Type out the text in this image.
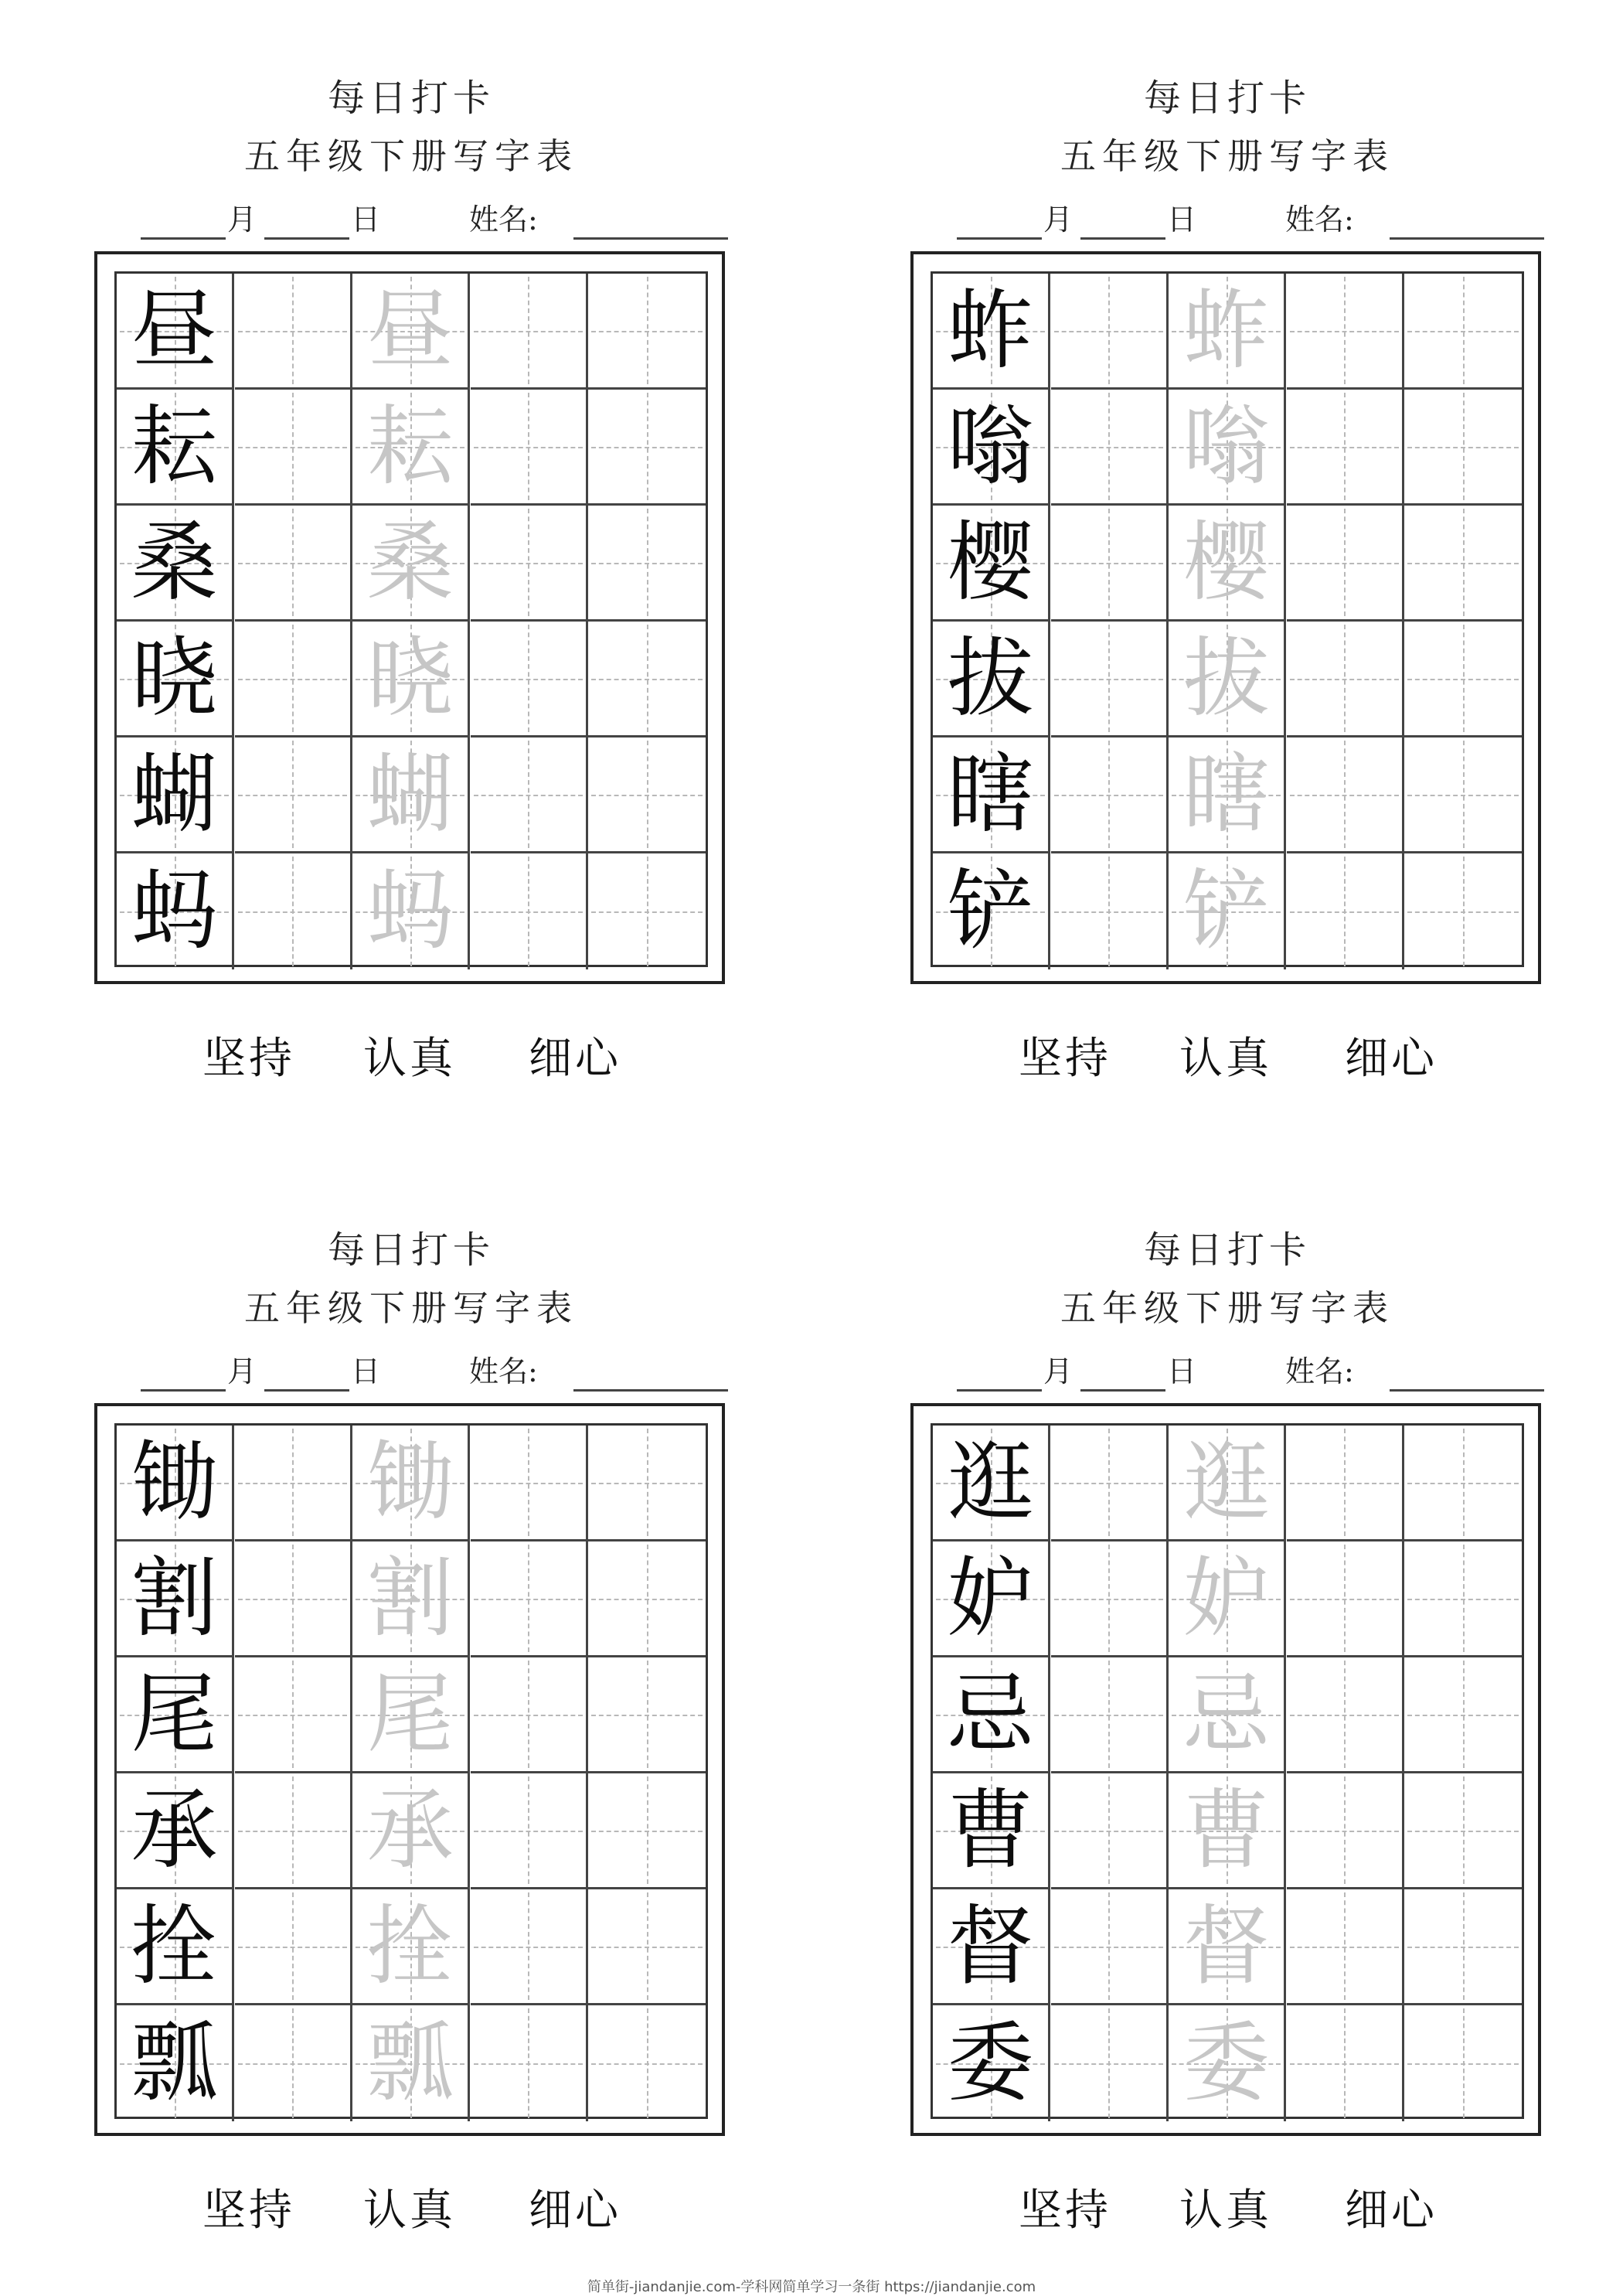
每日打卡
五年级下册写字表
月	日	姓名:
昼 昼
耘 耘
桑 桑
晓 晓
蝴 蝴
蚂 蚂
坚持 认真 细心
每日打卡
五年级下册写字表
月	日	姓名:
蚱 蚱
嗡 嗡
樱 樱
拔 拔
瞎 瞎
铲 铲
坚持 认真 细心
每日打卡
五年级下册写字表
月	日	姓名:
锄 锄
割 割
尾 尾
承 承
拴 拴
瓢 瓢
坚持 认真 细心
每日打卡
五年级下册写字表
月	日	姓名:
逛 逛
妒 妒
忌 忌
曹 曹
督 督
委 委
坚持 认真 细心
简单街-jiandanjie.com-学科网简单学习一条街 https://jiandanjie.com
